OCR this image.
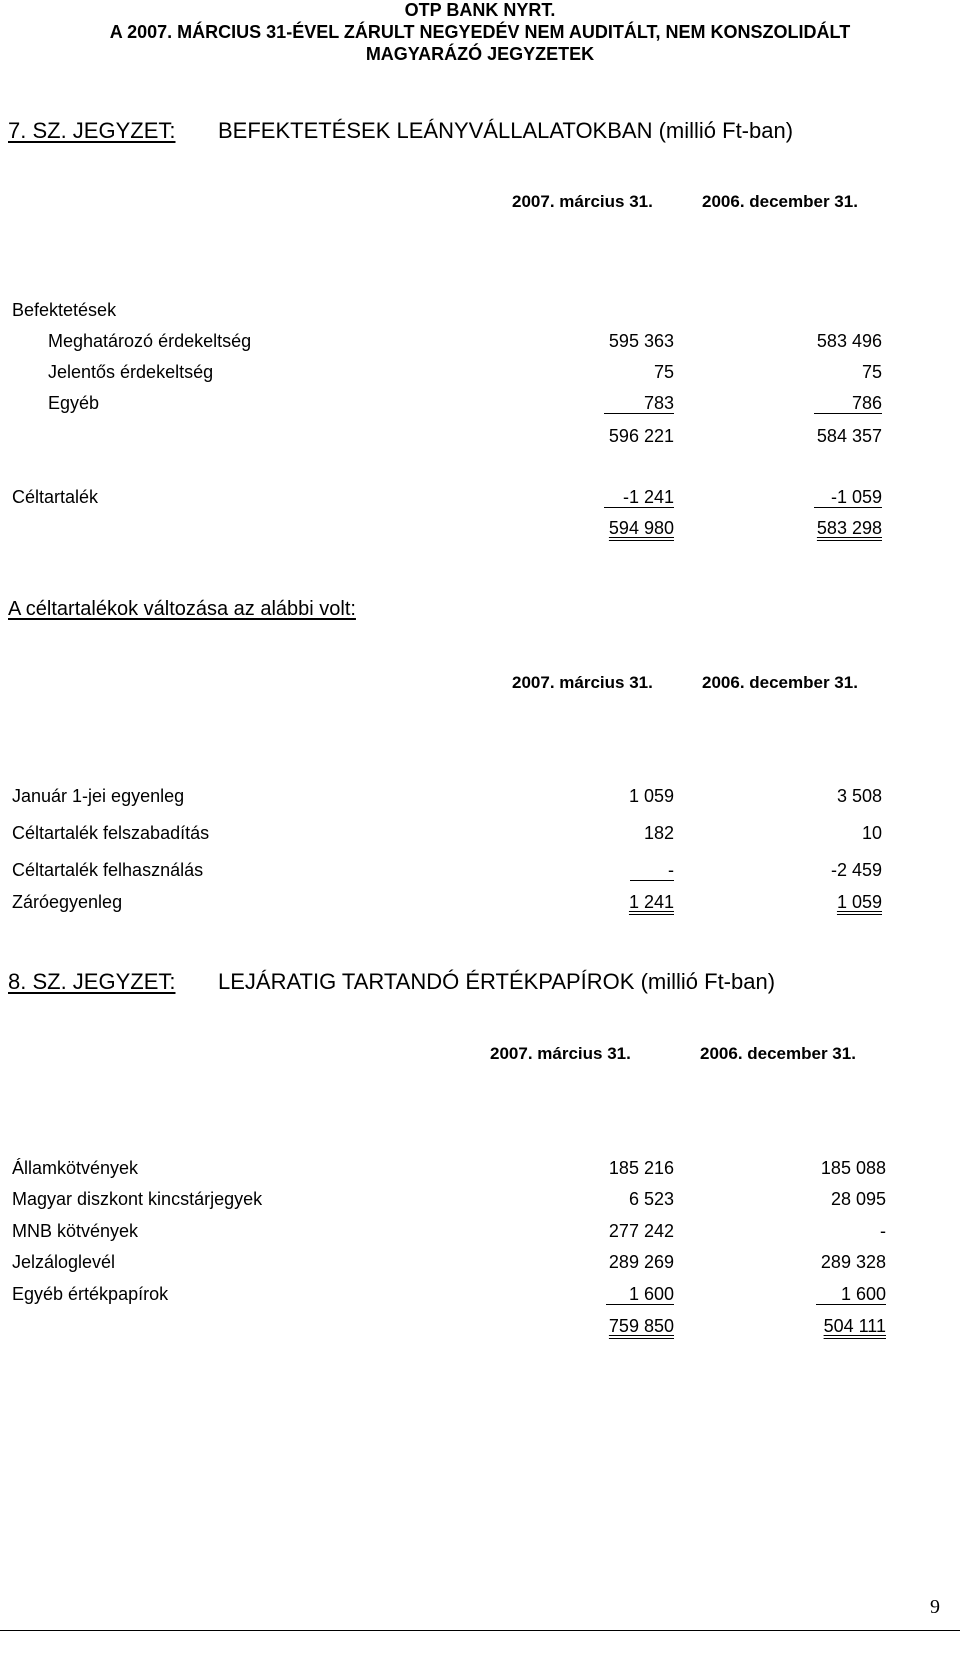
OTP BANK NYRT.
A 2007. MÁRCIUS 31-ÉVEL ZÁRULT NEGYEDÉV NEM AUDITÁLT, NEM KONSZOLIDÁLT
MAGYARÁZÓ JEGYZETEK
7. SZ. JEGYZET: BEFEKTETÉSEK LEÁNYVÁLLALATOKBAN (millió Ft-ban)
2007. március 31.	2006. december 31.
Befektetések
Meghatározó érdekeltség	595 363	583 496
Jelentős érdekeltség	75	75
Egyéb	783	786
596 221	584 357
Céltartalék	-1 241	-1 059
594 980	583 298
A céltartalékok változása az alábbi volt:
2007. március 31.	2006. december 31.
Január 1-jei egyenleg	1 059	3 508
Céltartalék felszabadítás	182	10
Céltartalék felhasználás	-	-2 459
Záróegyenleg	1 241	1 059
8. SZ. JEGYZET: LEJÁRATIG TARTANDÓ ÉRTÉKPAPÍROK (millió Ft-ban)
2007. március 31.	2006. december 31.
Államkötvények	185 216	185 088
Magyar diszkont kincstárjegyek	6 523	28 095
MNB kötvények	277 242	-
Jelzáloglevél	289 269	289 328
Egyéb értékpapírok	1 600	1 600
759 850	504 111
9
